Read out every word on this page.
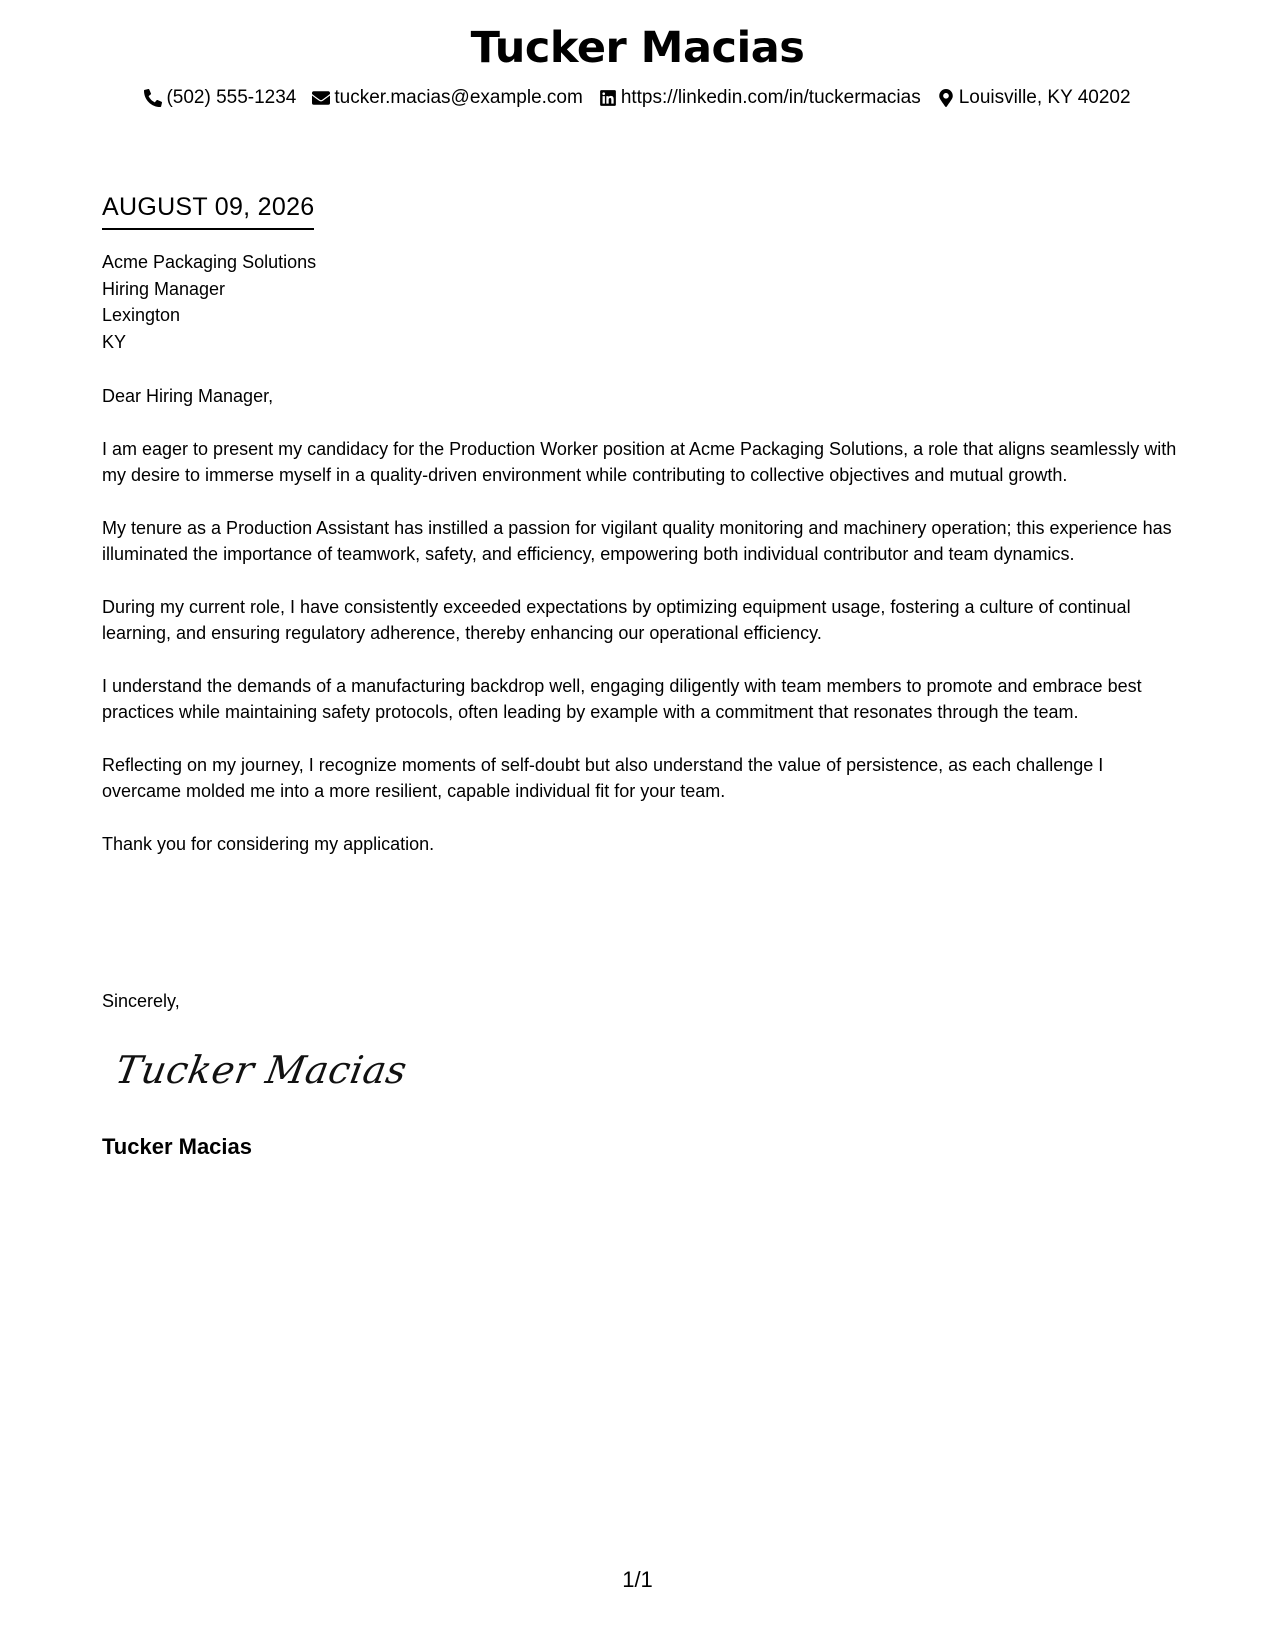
Tucker Macias
(502) 555-1234 tucker.macias@example.com https://linkedin.com/in/tuckermacias Louisville, KY 40202
AUGUST 09, 2026
Acme Packaging Solutions
Hiring Manager
Lexington
KY

Dear Hiring Manager,

I am eager to present my candidacy for the Production Worker position at Acme Packaging Solutions, a role that aligns seamlessly with my desire to immerse myself in a quality-driven environment while contributing to collective objectives and mutual growth.

My tenure as a Production Assistant has instilled a passion for vigilant quality monitoring and machinery operation; this experience has illuminated the importance of teamwork, safety, and efficiency, empowering both individual contributor and team dynamics.

During my current role, I have consistently exceeded expectations by optimizing equipment usage, fostering a culture of continual learning, and ensuring regulatory adherence, thereby enhancing our operational efficiency.

I understand the demands of a manufacturing backdrop well, engaging diligently with team members to promote and embrace best practices while maintaining safety protocols, often leading by example with a commitment that resonates through the team.

Reflecting on my journey, I recognize moments of self-doubt but also understand the value of persistence, as each challenge I overcame molded me into a more resilient, capable individual fit for your team.

Thank you for considering my application.

Sincerely,
Tucker Macias
Tucker Macias
1/1
